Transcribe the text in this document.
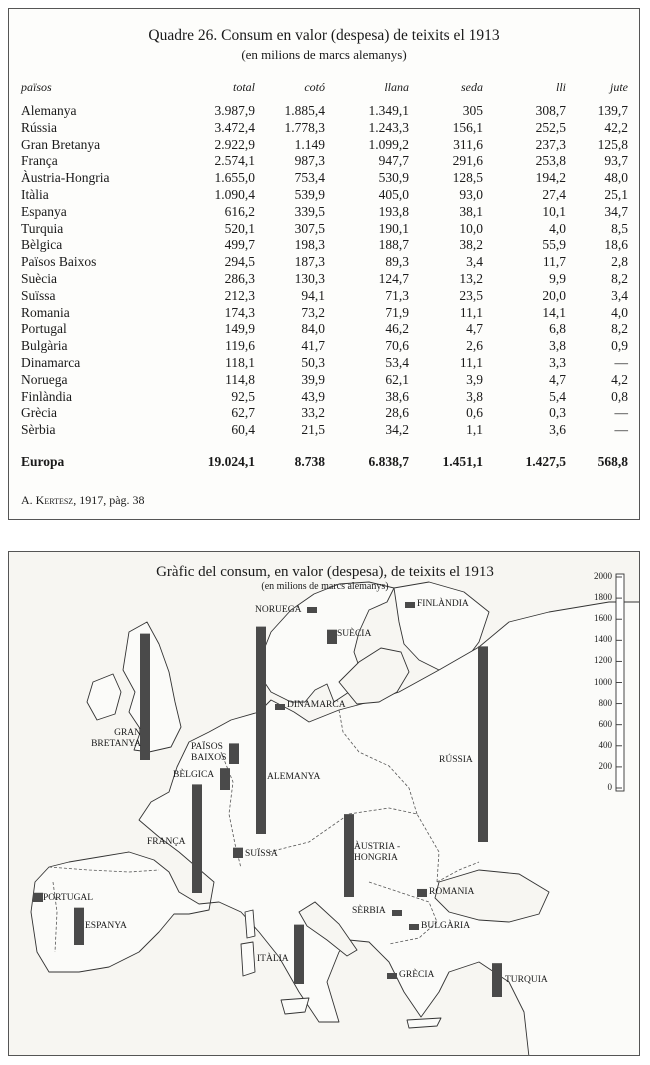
Quadre 26. Consum en valor (despesa) de teixits el 1913
(en milions de marcs alemanys)
països	total	cotó	llana	seda	lli	jute
Alemanya	3.987,9	1.885,4	1.349,1	305	308,7	139,7
Rússia	3.472,4	1.778,3	1.243,3	156,1	252,5	42,2
Gran Bretanya	2.922,9	1.149	1.099,2	311,6	237,3	125,8
França	2.574,1	987,3	947,7	291,6	253,8	93,7
Àustria-Hongria	1.655,0	753,4	530,9	128,5	194,2	48,0
Itàlia	1.090,4	539,9	405,0	93,0	27,4	25,1
Espanya	616,2	339,5	193,8	38,1	10,1	34,7
Turquia	520,1	307,5	190,1	10,0	4,0	8,5
Bèlgica	499,7	198,3	188,7	38,2	55,9	18,6
Països Baixos	294,5	187,3	89,3	3,4	11,7	2,8
Suècia	286,3	130,3	124,7	13,2	9,9	8,2
Suïssa	212,3	94,1	71,3	23,5	20,0	3,4
Romania	174,3	73,2	71,9	11,1	14,1	4,0
Portugal	149,9	84,0	46,2	4,7	6,8	8,2
Bulgària	119,6	41,7	70,6	2,6	3,8	0,9
Dinamarca	118,1	50,3	53,4	11,1	3,3	—
Noruega	114,8	39,9	62,1	3,9	4,7	4,2
Finlàndia	92,5	43,9	38,6	3,8	5,4	0,8
Grècia	62,7	33,2	28,6	0,6	0,3	—
Sèrbia	60,4	21,5	34,2	1,1	3,6	—

Europa	19.024,1	8.738	6.838,7	1.451,1	1.427,5	568,8
A. Kertesz, 1917, pàg. 38
Gràfic del consum, en valor (despesa), de teixits el 1913
(en milions de marcs alemanys)
NORUEGA
FINLÀNDIA
SUÈCIA
DINAMARCA
GRAN BRETANYA	PAÏSOS BAIXOS
BÈLGICA	ALEMANYA
RÚSSIA
FRANÇA
SUÏSSA
ÀUSTRIA -HONGRIA
PORTUGAL
ESPANYA
ROMANIA
SÈRBIA
BULGÀRIA
ITÀLIA
GRÈCIA	TURQUIA
2000
1800
1600
1400
1200
1000
800
600
400
200
0
